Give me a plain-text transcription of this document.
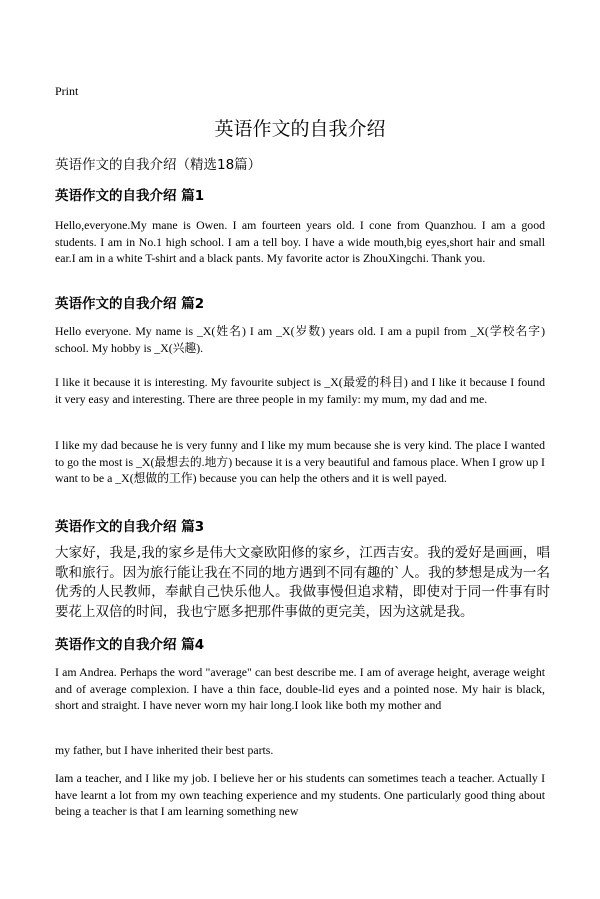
Print
英语作文的自我介绍
英语作文的自我介绍（精选18篇）
英语作文的自我介绍 篇1

Hello,everyone.My mane is Owen. I am fourteen years old. I cone from Quanzhou. I am a good students. I am in No.1 high school. I am a tell boy. I have a wide mouth,big eyes,short hair and small ear.I am in a white T-shirt and a black pants. My favorite actor is ZhouXingchi. Thank you.

英语作文的自我介绍 篇2

Hello everyone. My name is _X(姓名) I am _X(岁数) years old. I am a pupil from _X(学校名字) school. My hobby is _X(兴趣).

I like it because it is interesting. My favourite subject is _X(最爱的科目) and I like it because I found it very easy and interesting. There are three people in my family: my mum, my dad and me.

I like my dad because he is very funny and I like my mum because she is very kind. The place I wanted to go the most is _X(最想去的.地方) because it is a very beautiful and famous place. When I grow up I want to be a _X(想做的工作) because you can help the others and it is well payed.

英语作文的自我介绍 篇3

大家好，我是,我的家乡是伟大文豪欧阳修的家乡，江西吉安。我的爱好是画画，唱歌和旅行。因为旅行能让我在不同的地方遇到不同有趣的`人。我的梦想是成为一名优秀的人民教师，奉献自己快乐他人。我做事慢但追求精，即使对于同一件事有时要花上双倍的时间，我也宁愿多把那件事做的更完美，因为这就是我。

英语作文的自我介绍 篇4

I am Andrea. Perhaps the word "average" can best describe me. I am of average height, average weight and of average complexion. I have a thin face, double-lid eyes and a pointed nose. My hair is black, short and straight. I have never worn my hair long.I look like both my mother and

my father, but I have inherited their best parts.

Iam a teacher, and I like my job. I believe her or his students can sometimes teach a teacher. Actually I have learnt a lot from my own teaching experience and my students. One particularly good thing about being a teacher is that I am learning something new
